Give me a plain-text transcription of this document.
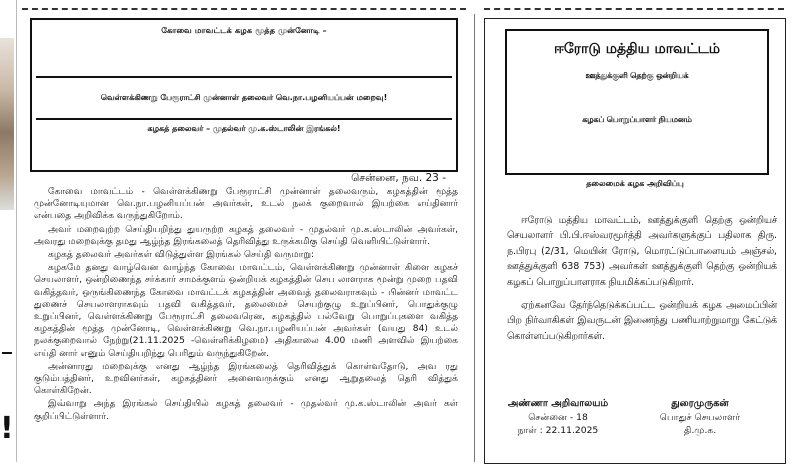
!
கோவை மாவட்டக் கழக மூத்த முன்னோடி –
வெள்ளக்கிணறு பேரூராட்சி முன்னாள் தலைவர் வெ.நா.பழனியப்பன் மறைவு!
கழகத் தலைவர் – முதல்வர் மு.க.ஸ்டாலின் இரங்கல்!
சென்னை, நவ. 23 -

கோவை மாவட்டம் - வெள்ளக்கிணறு பேரூராட்சி முன்னாள் தலைவரும், கழகத்தின் மூத்த முன்னோடியுமான வெ.நா.பழனியப்பன் அவர்கள், உடல் நலக் குறைவால் இயற்கை எய்தினார் என்பதை அறிவிக்க வருந்துகிறோம்.

அவர் மறைவுற்ற செய்தியறிந்து துயருற்ற கழகத் தலைவர் - முதல்வர் மு.க.ஸ்டாலின் அவர்கள், அவரது மறைவுக்கு தமது ஆழ்ந்த இரங்கலைத் தெரிவித்து உருக்கமிகு செய்தி வெளியிட்டுள்ளார்.

கழகத் தலைவர் அவர்கள் விடுத்துள்ள இரங்கல் செய்தி வருமாறு:

கழகமே தனது வாழ்வென வாழ்ந்த கோவை மாவட்டம், வெள்ளக்கிணறு முன்னாள் கிளை கழகச் செயலாளர், ஒன்றிணைந்த சர்க்கார் சாமக்குளம் ஒன்றியக் கழகத்தின் செய லாளராக மூன்று முறை பதவி வகித்தவர், ஒருங்கிணைந்த கோவை மாவட்டக் கழகத்தின் அவைத் தலைவராகவும் - பின்னர் மாவட்ட துணைச் செயலாளராகவும் பதவி வகித்தவர், தலைமைச் செயற்குழு உறுப்பினர், பொதுக்குழு உறுப்பினர், வெள்ளக்கிணறு பேரூராட்சி தலைவரென, கழகத்தில் பல்வேறு பொறுப்புகளை வகித்த கழகத்தின் மூத்த முன்னோடி, வெள்ளக்கிணறு வெ.நா.பழனியப்பன் அவர்கள் (வயது 84) உடல் நலக்குறைவால் நேற்று(21.11.2025 -வெள்ளிக்கிழமை) அதிகாலை 4.00 மணி அளவில் இயற்கை எய்தி னார் எனும் செய்தியறிந்து பெரிதும் வருந்துகிறேன்.

அன்னாரது மறைவுக்கு எனது ஆழ்ந்த இரங்கலைத் தெரிவித்துக் கொள்வதோடு, அவ ரது குடும்பத்தினர், உறவினர்கள், கழகத்தினர் அனைவருக்கும் எனது ஆறுதலைத் தெரி வித்துக் கொள்கிறேன்.

இவ்வாறு அந்த இரங்கல் செய்தியில் கழகத் தலைவர் - முதல்வர் மு.க.ஸ்டாலின் அவர் கள் குறிப்பிட்டுள்ளார்.

ஈரோடு மத்திய மாவட்டம்
ஊத்துக்குளி தெற்கு ஒன்றியக்
கழகப் பொறுப்பாளர் நியமனம்
தலைமைக் கழக அறிவிப்பு

ஈரோடு மத்திய மாவட்டம், ஊத்துக்குளி தெற்கு ஒன்றியச் செயலாளர் பி.பி.ஈஸ்வரமூர்த்தி அவர்களுக்குப் பதிலாக திரு. ந.பிரபு (2/31, மெயின் ரோடு, மொரட்டுப்பாளையம் அஞ்சல், ஊத்துக்குளி 638 753) அவர்கள் ஊத்துக்குளி தெற்கு ஒன்றியக் கழகப் பொறுப்பாளராக நியமிக்கப்படுகிறார்.

ஏற்கனவே தேர்ந்தெடுக்கப்பட்ட ஒன்றியக் கழக அமைப்பின் பிற நிர்வாகிகள் இவருடன் இணைந்து பணியாற்றுமாறு கேட்டுக் கொள்ளப்படுகிறார்கள்.

அண்ணா அறிவாலயம்
சென்னை - 18
நாள் : 22.11.2025
துரைமுருகன்
பொதுச் செயலாளர்
தி.மு.க.
